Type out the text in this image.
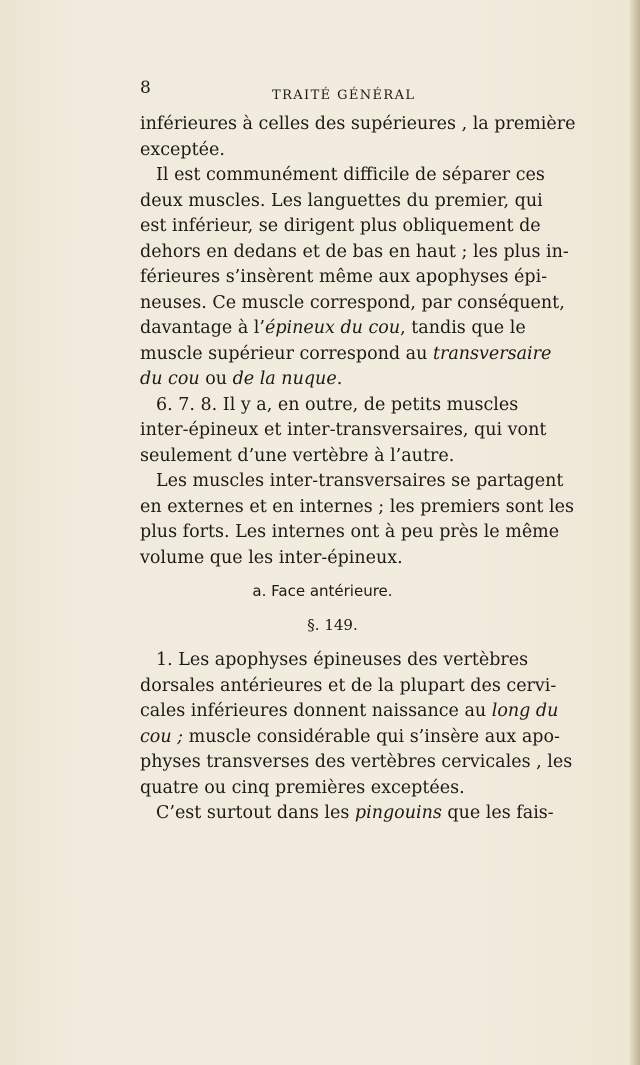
8	TRAITÉ GÉNÉRAL
inférieures à celles des supérieures , la première
exceptée.
Il est communément difficile de séparer ces
deux muscles. Les languettes du premier, qui
est inférieur, se dirigent plus obliquement de
dehors en dedans et de bas en haut ; les plus in-
férieures s’insèrent même aux apophyses épi-
neuses. Ce muscle correspond, par conséquent,
davantage à l’épineux du cou, tandis que le
muscle supérieur correspond au transversaire
du cou ou de la nuque.
6. 7. 8. Il y a, en outre, de petits muscles
inter-épineux et inter-transversaires, qui vont
seulement d’une vertèbre à l’autre.
Les muscles inter-transversaires se partagent
en externes et en internes ; les premiers sont les
plus forts. Les internes ont à peu près le même
volume que les inter-épineux.
a. Face antérieure.
§. 149.
1. Les apophyses épineuses des vertèbres
dorsales antérieures et de la plupart des cervi-
cales inférieures donnent naissance au long du
cou ; muscle considérable qui s’insère aux apo-
physes transverses des vertèbres cervicales , les
quatre ou cinq premières exceptées.
C’est surtout dans les pingouins que les fais-
